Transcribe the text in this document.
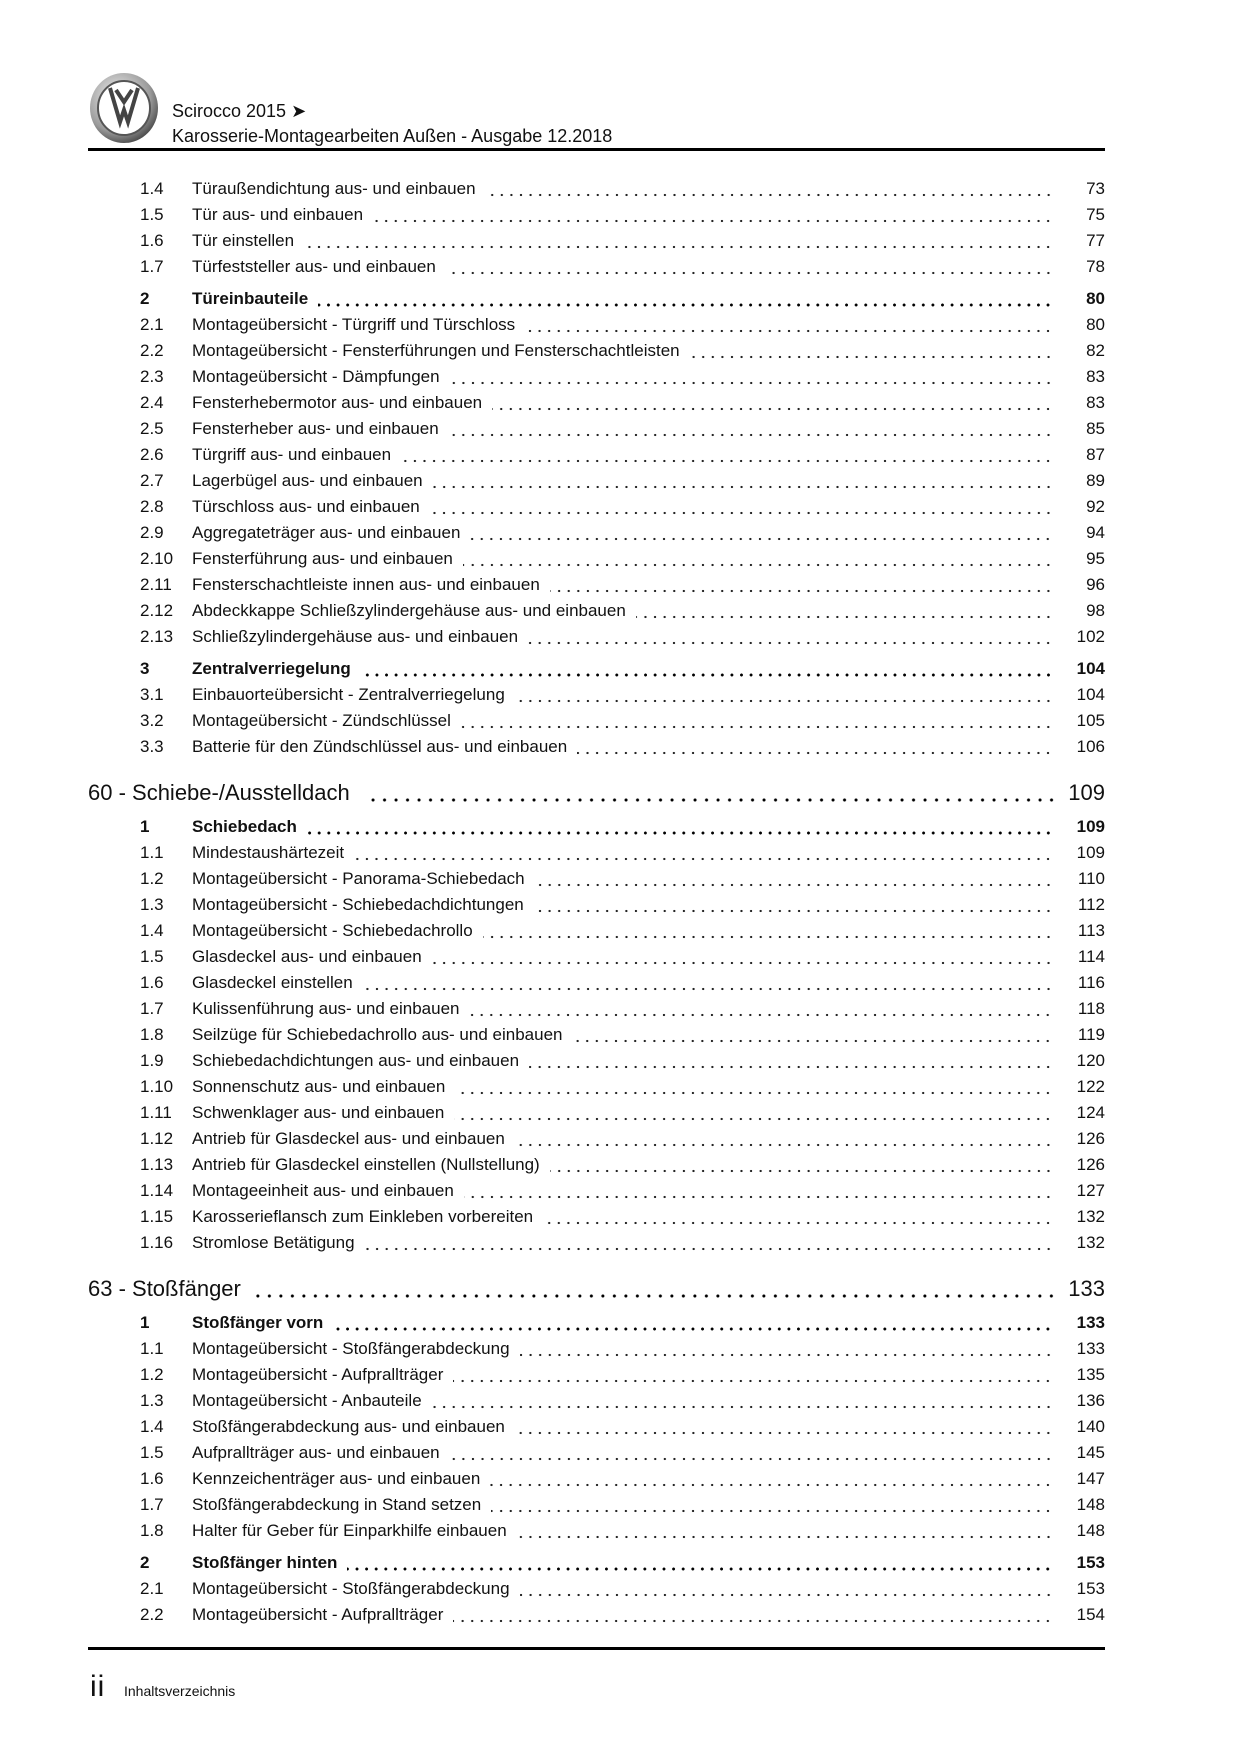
Scirocco 2015 ➤
Karosserie-Montagearbeiten Außen - Ausgabe 12.2018
1.4	Türaußendichtung aus- und einbauen	73
1.5	Tür aus- und einbauen	75
1.6	Tür einstellen	77
1.7	Türfeststeller aus- und einbauen	78
2	Türeinbauteile	80
2.1	Montageübersicht - Türgriff und Türschloss	80
2.2	Montageübersicht - Fensterführungen und Fensterschachtleisten	82
2.3	Montageübersicht - Dämpfungen	83
2.4	Fensterhebermotor aus- und einbauen	83
2.5	Fensterheber aus- und einbauen	85
2.6	Türgriff aus- und einbauen	87
2.7	Lagerbügel aus- und einbauen	89
2.8	Türschloss aus- und einbauen	92
2.9	Aggregateträger aus- und einbauen	94
2.10	Fensterführung aus- und einbauen	95
2.11	Fensterschachtleiste innen aus- und einbauen	96
2.12	Abdeckkappe Schließzylindergehäuse aus- und einbauen	98
2.13	Schließzylindergehäuse aus- und einbauen	102
3	Zentralverriegelung	104
3.1	Einbauorteübersicht - Zentralverriegelung	104
3.2	Montageübersicht - Zündschlüssel	105
3.3	Batterie für den Zündschlüssel aus- und einbauen	106
60 - Schiebe-/Ausstelldach	109
1	Schiebedach	109
1.1	Mindestaushärtezeit	109
1.2	Montageübersicht - Panorama-Schiebedach	110
1.3	Montageübersicht - Schiebedachdichtungen	112
1.4	Montageübersicht - Schiebedachrollo	113
1.5	Glasdeckel aus- und einbauen	114
1.6	Glasdeckel einstellen	116
1.7	Kulissenführung aus- und einbauen	118
1.8	Seilzüge für Schiebedachrollo aus- und einbauen	119
1.9	Schiebedachdichtungen aus- und einbauen	120
1.10	Sonnenschutz aus- und einbauen	122
1.11	Schwenklager aus- und einbauen	124
1.12	Antrieb für Glasdeckel aus- und einbauen	126
1.13	Antrieb für Glasdeckel einstellen (Nullstellung)	126
1.14	Montageeinheit aus- und einbauen	127
1.15	Karosserieflansch zum Einkleben vorbereiten	132
1.16	Stromlose Betätigung	132
63 - Stoßfänger	133
1	Stoßfänger vorn	133
1.1	Montageübersicht - Stoßfängerabdeckung	133
1.2	Montageübersicht - Aufprallträger	135
1.3	Montageübersicht - Anbauteile	136
1.4	Stoßfängerabdeckung aus- und einbauen	140
1.5	Aufprallträger aus- und einbauen	145
1.6	Kennzeichenträger aus- und einbauen	147
1.7	Stoßfängerabdeckung in Stand setzen	148
1.8	Halter für Geber für Einparkhilfe einbauen	148
2	Stoßfänger hinten	153
2.1	Montageübersicht - Stoßfängerabdeckung	153
2.2	Montageübersicht - Aufprallträger	154
ii Inhaltsverzeichnis
